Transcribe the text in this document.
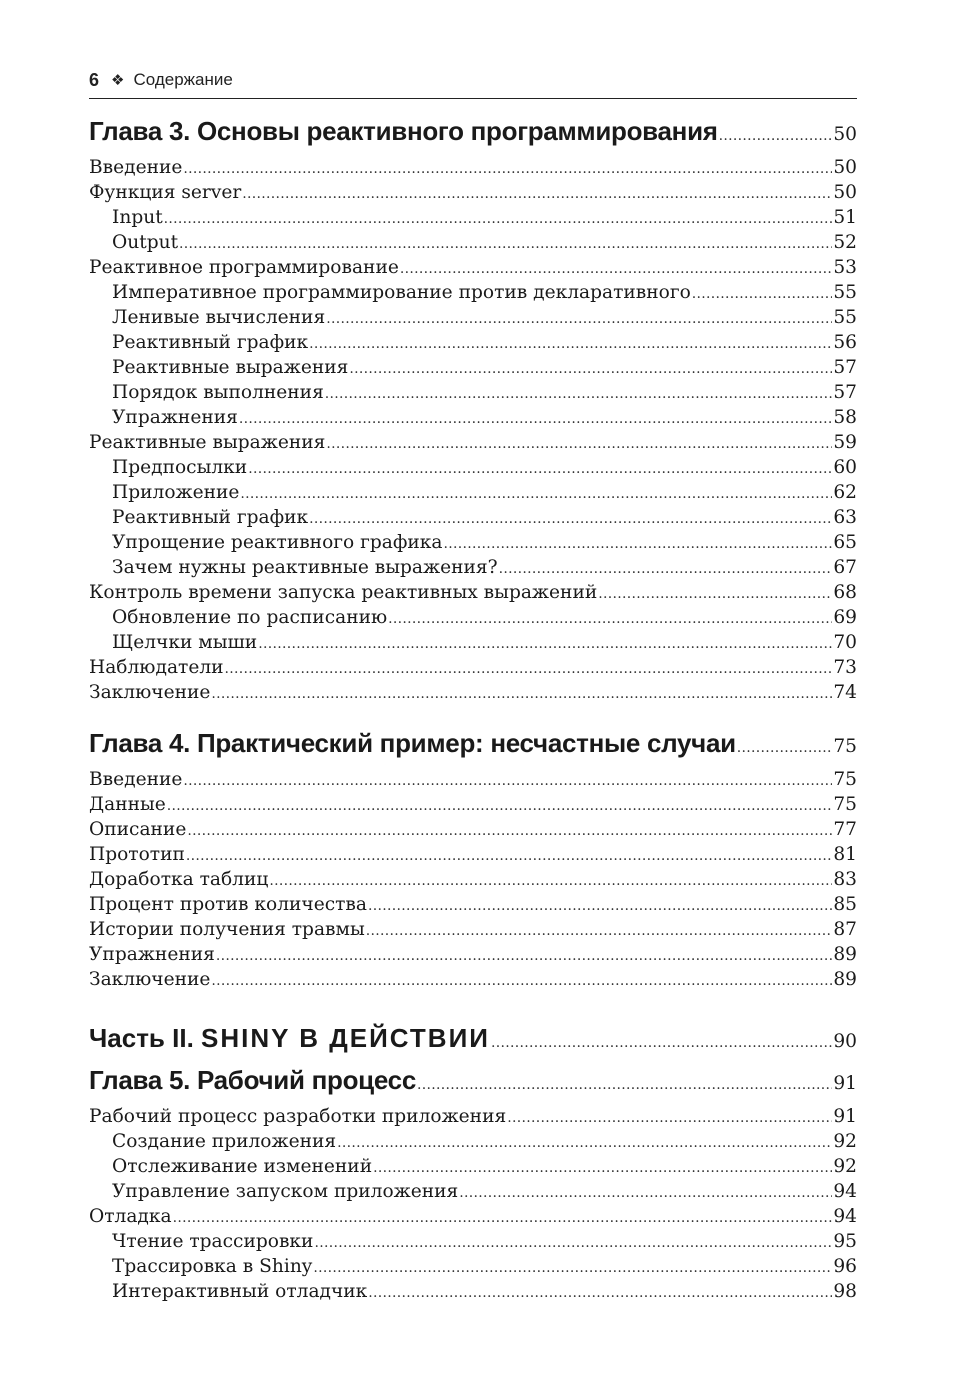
6 ❖ Содержание
Глава 3. Основы реактивного программирования .....	50
Введение .....	50
Функция server .....	50
Input .....	51
Output .....	52
Реактивное программирование .....	53
Императивное программирование против декларативного .....	55
Ленивые вычисления .....	55
Реактивный график .....	56
Реактивные выражения .....	57
Порядок выполнения .....	57
Упражнения .....	58
Реактивные выражения .....	59
Предпосылки .....	60
Приложение .....	62
Реактивный график .....	63
Упрощение реактивного графика .....	65
Зачем нужны реактивные выражения? .....	67
Контроль времени запуска реактивных выражений .....	68
Обновление по расписанию .....	69
Щелчки мыши .....	70
Наблюдатели .....	73
Заключение .....	74
Глава 4. Практический пример: несчастные случаи .....	75
Введение .....	75
Данные .....	75
Описание .....	77
Прототип .....	81
Доработка таблиц .....	83
Процент против количества .....	85
Истории получения травмы .....	87
Упражнения .....	89
Заключение .....	89
Часть II. SHINY В ДЕЙСТВИИ .....	90
Глава 5. Рабочий процесс .....	91
Рабочий процесс разработки приложения .....	91
Создание приложения .....	92
Отслеживание изменений .....	92
Управление запуском приложения .....	94
Отладка .....	94
Чтение трассировки .....	95
Трассировка в Shiny .....	96
Интерактивный отладчик .....	98
